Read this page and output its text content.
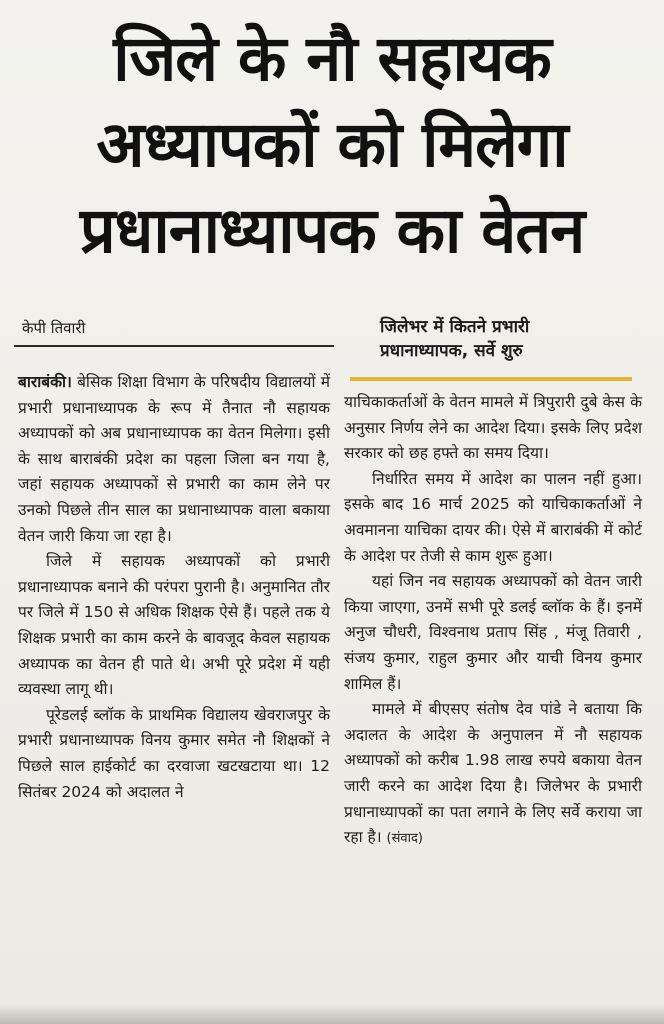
जिले के नौ सहायक
अध्यापकों को मिलेगा
प्रधानाध्यापक का वेतन
केपी तिवारी	जिलेभर में कितने प्रभारी
प्रधानाध्यापक, सर्वे शुरु

बाराबंकी। बेसिक शिक्षा विभाग के परिषदीय विद्यालयों में प्रभारी प्रधानाध्यापक के रूप में तैनात नौ सहायक अध्यापकों को अब प्रधानाध्यापक का वेतन मिलेगा। इसी के साथ बाराबंकी प्रदेश का पहला जिला बन गया है, जहां सहायक अध्यापकों से प्रभारी का काम लेने पर उनको पिछले तीन साल का प्रधानाध्यापक वाला बकाया वेतन जारी किया जा रहा है।

जिले में सहायक अध्यापकों को प्रभारी प्रधानाध्यापक बनाने की परंपरा पुरानी है। अनुमानित तौर पर जिले में 150 से अधिक शिक्षक ऐसे हैं। पहले तक ये शिक्षक प्रभारी का काम करने के बावजूद केवल सहायक अध्यापक का वेतन ही पाते थे। अभी पूरे प्रदेश में यही व्यवस्था लागू थी।

पूरेडलई ब्लॉक के प्राथमिक विद्यालय खेवराजपुर के प्रभारी प्रधानाध्यापक विनय कुमार समेत नौ शिक्षकों ने पिछले साल हाईकोर्ट का दरवाजा खटखटाया था। 12 सितंबर 2024 को अदालत ने

याचिकाकर्ताओं के वेतन मामले में त्रिपुरारी दुबे केस के अनुसार निर्णय लेने का आदेश दिया। इसके लिए प्रदेश सरकार को छह हफ्ते का समय दिया।

निर्धारित समय में आदेश का पालन नहीं हुआ। इसके बाद 16 मार्च 2025 को याचिकाकर्ताओं ने अवमानना याचिका दायर की। ऐसे में बाराबंकी में कोर्ट के आदेश पर तेजी से काम शुरू हुआ।

यहां जिन नव सहायक अध्यापकों को वेतन जारी किया जाएगा, उनमें सभी पूरे डलई ब्लॉक के हैं। इनमें अनुज चौधरी, विश्वनाथ प्रताप सिंह , मंजू तिवारी , संजय कुमार, राहुल कुमार और याची विनय कुमार शामिल हैं।

मामले में बीएसए संतोष देव पांडे ने बताया कि अदालत के आदेश के अनुपालन में नौ सहायक अध्यापकों को करीब 1.98 लाख रुपये बकाया वेतन जारी करने का आदेश दिया है। जिलेभर के प्रभारी प्रधानाध्यापकों का पता लगाने के लिए सर्वे कराया जा रहा है। (संवाद)
